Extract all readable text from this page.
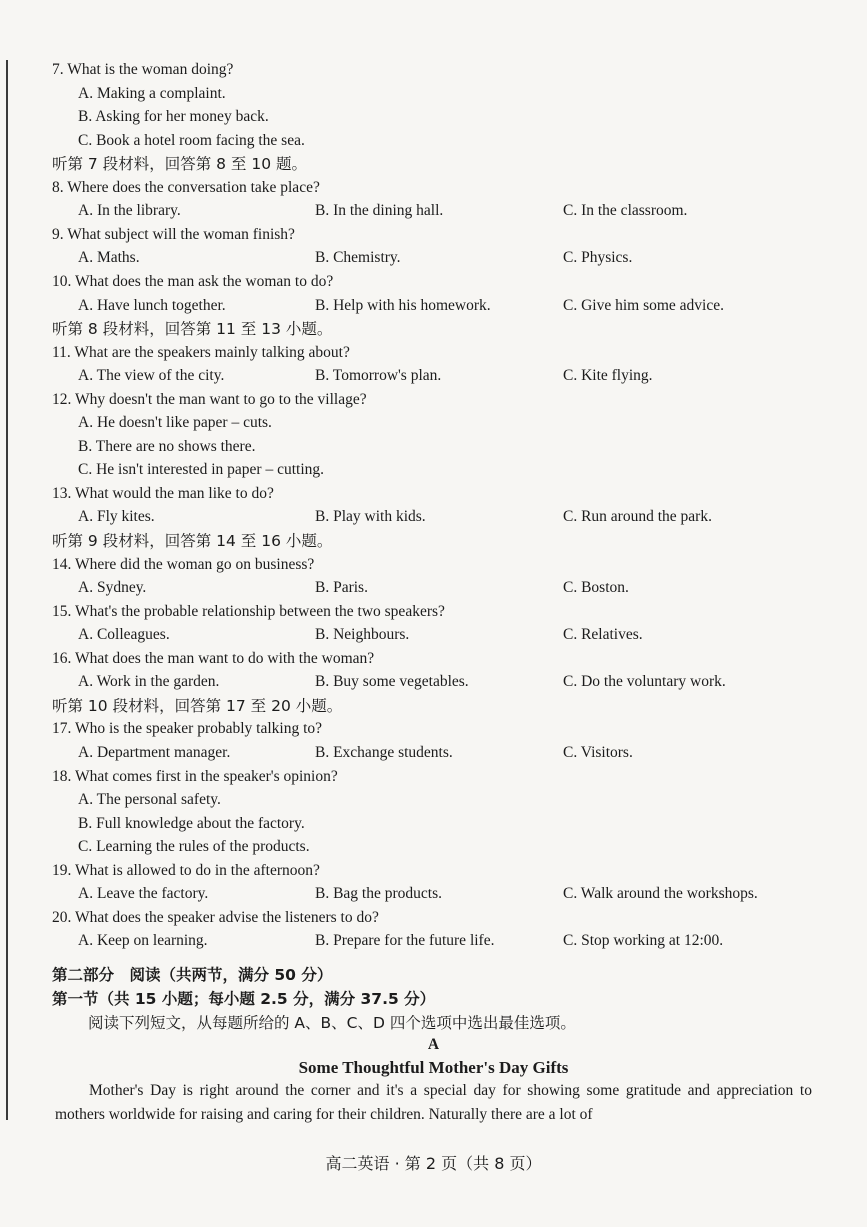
7. What is the woman doing?
A. Making a complaint.
B. Asking for her money back.
C. Book a hotel room facing the sea.
听第 7 段材料，回答第 8 至 10 题。
8. Where does the conversation take place?
A. In the library.	B. In the dining hall.	C. In the classroom.
9. What subject will the woman finish?
A. Maths.	B. Chemistry.	C. Physics.
10. What does the man ask the woman to do?
A. Have lunch together.	B. Help with his homework.	C. Give him some advice.
听第 8 段材料，回答第 11 至 13 小题。
11. What are the speakers mainly talking about?
A. The view of the city.	B. Tomorrow's plan.	C. Kite flying.
12. Why doesn't the man want to go to the village?
A. He doesn't like paper – cuts.
B. There are no shows there.
C. He isn't interested in paper – cutting.
13. What would the man like to do?
A. Fly kites.	B. Play with kids.	C. Run around the park.
听第 9 段材料，回答第 14 至 16 小题。
14. Where did the woman go on business?
A. Sydney.	B. Paris.	C. Boston.
15. What's the probable relationship between the two speakers?
A. Colleagues.	B. Neighbours.	C. Relatives.
16. What does the man want to do with the woman?
A. Work in the garden.	B. Buy some vegetables.	C. Do the voluntary work.
听第 10 段材料，回答第 17 至 20 小题。
17. Who is the speaker probably talking to?
A. Department manager.	B. Exchange students.	C. Visitors.
18. What comes first in the speaker's opinion?
A. The personal safety.
B. Full knowledge about the factory.
C. Learning the rules of the products.
19. What is allowed to do in the afternoon?
A. Leave the factory.	B. Bag the products.	C. Walk around the workshops.
20. What does the speaker advise the listeners to do?
A. Keep on learning.	B. Prepare for the future life.	C. Stop working at 12:00.
第二部分　阅读（共两节，满分 50 分）
第一节（共 15 小题；每小题 2.5 分，满分 37.5 分）
阅读下列短文，从每题所给的 A、B、C、D 四个选项中选出最佳选项。
A
Some Thoughtful Mother's Day Gifts
Mother's Day is right around the corner and it's a special day for showing some gratitude and appreciation to mothers worldwide for raising and caring for their children. Naturally there are a lot of
高二英语 · 第 2 页（共 8 页）
